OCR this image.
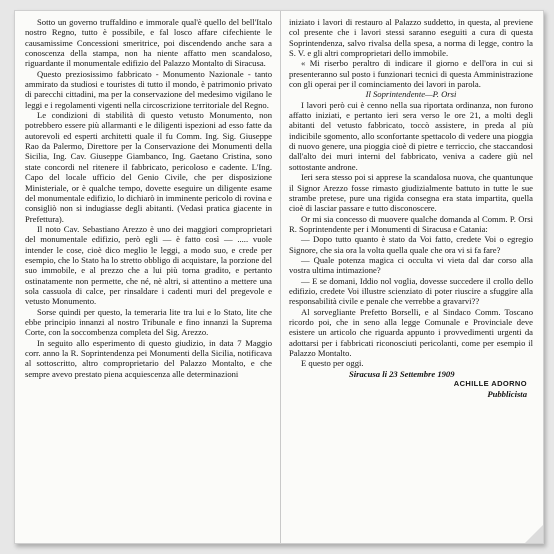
Sotto un governo truffaldino e immorale qual'è quello del bell'Italo nostro Regno, tutto è possibile, e fal losco affare cifechiente le causamissime Concessioni smeritrice, poi discendendo anche sara a conoscenza della stampa, non ha niente affatto men scandaloso, riguardante il monumentale edifizio del Palazzo Montalto di Siracusa.

Questo preziosissimo fabbricato - Monumento Nazionale - tanto ammirato da studiosi e touristes di tutto il mondo, è patrimonio privato di parecchi cittadini, ma per la conservazione del medesimo vigilano le leggi e i regolamenti vigenti nella circoscrizione territoriale del Regno.

Le condizioni di stabilità di questo vetusto Monumento, non potrebbero essere più allarmanti e le diligenti ispezioni ad esso fatte da autorevoli ed esperti architetti quale il fu Comm. Ing. Sig. Giuseppe Rao da Palermo, Direttore per la Conservazione dei Monumenti della Sicilia, Ing. Cav. Giuseppe Giambanco, Ing. Gaetano Cristina, sono state concordi nel ritenere il fabbricato, pericoloso e cadente. L'Ing. Capo del locale ufficio del Genio Civile, che per disposizione Ministeriale, or è qualche tempo, dovette eseguire un diligente esame del monumentale edifizio, lo dichiarò in imminente pericolo di rovina e consigliò non si indugiasse degli abitanti. (Vedasi pratica giacente in Prefettura).

Il noto Cav. Sebastiano Arezzo è uno dei maggiori comproprietari del monumentale edifizio, però egli — è fatto così — ..... vuole intender le cose, cioè dico meglio le leggi, a modo suo, e crede per esempio, che lo Stato ha lo stretto obbligo di acquistare, la porzione del suo immobile, e al prezzo che a lui più torna gradito, e pertanto ostinatamente non permette, che né, nè altri, si attentino a mettere una sola cassuola di calce, per rinsaldare i cadenti muri del pregevole e vetusto Monumento.

Sorse quindi per questo, la temeraria lite tra lui e lo Stato, lite che ebbe principio innanzi al nostro Tribunale e fino innanzi la Suprema Corte, con la soccombenza completa del Sig. Arezzo.

In seguito allo esperimento di questo giudizio, in data 7 Maggio corr. anno la R. Soprintendenza pei Monumenti della Sicilia, notificava al sottoscritto, altro comproprietario del Palazzo Montalto, e che sempre avevo prestato piena acquiescenza alle determinazioni

iniziato i lavori di restauro al Palazzo suddetto, in questa, al previene col presente che i lavori stessi saranno eseguiti a cura di questa Soprintendenza, salvo rivalsa della spesa, a norma di legge, contro la S. V. e gli altri comproprietari dello immobile.

« Mi riserbo peraltro di indicare il giorno e dell'ora in cui si presenteranno sul posto i funzionari tecnici di questa Amministrazione con gli operai per il cominciamento dei lavori in parola.

Il Soprintendente—P. Orsi

I lavori però cui è cenno nella sua riportata ordinanza, non furono affatto iniziati, e pertanto ieri sera verso le ore 21, a molti degli abitanti del vetusto fabbricato, toccò assistere, in preda al più indicibile sgomento, allo sconfortante spettacolo di vedere una pioggia di nuovo genere, una pioggia cioè di pietre e terriccio, che staccandosi dall'alto dei muri interni del fabbricato, veniva a cadere giù nel sottostante androne.

Ieri sera stesso poi si apprese la scandalosa nuova, che quantunque il Signor Arezzo fosse rimasto giudizialmente battuto in tutte le sue strambe pretese, pure una rigida consegna era stata impartita, quella cioè di lasciar passare e tutto disconoscere.

Or mi sia concesso di muovere qualche domanda al Comm. P. Orsi R. Soprintendente per i Monumenti di Siracusa e Catania:

— Dopo tutto quanto è stato da Voi fatto, credete Voi o egregio Signore, che sia ora la volta quella quale che ora vi si fa fare?

— Quale potenza magica ci occulta vi vieta dal dar corso alla vostra ultima intimazione?

— E se domani, Iddio nol voglia, dovesse succedere il crollo dello edifizio, credete Voi illustre scienziato di poter riuscire a sfuggire alla responsabilità civile e penale che verrebbe a gravarvi??

Al sorvegliante Prefetto Borselli, e al Sindaco Comm. Toscano ricordo poi, che in seno alla legge Comunale e Provinciale deve esistere un articolo che riguarda appunto i provvedimenti urgenti da adottarsi per i fabbricati riconosciuti pericolanti, come per esempio il Palazzo Montalto.

E questo per oggi.

Siracusa li 23 Settembre 1909

ACHILLE ADORNO
Pubblicista
